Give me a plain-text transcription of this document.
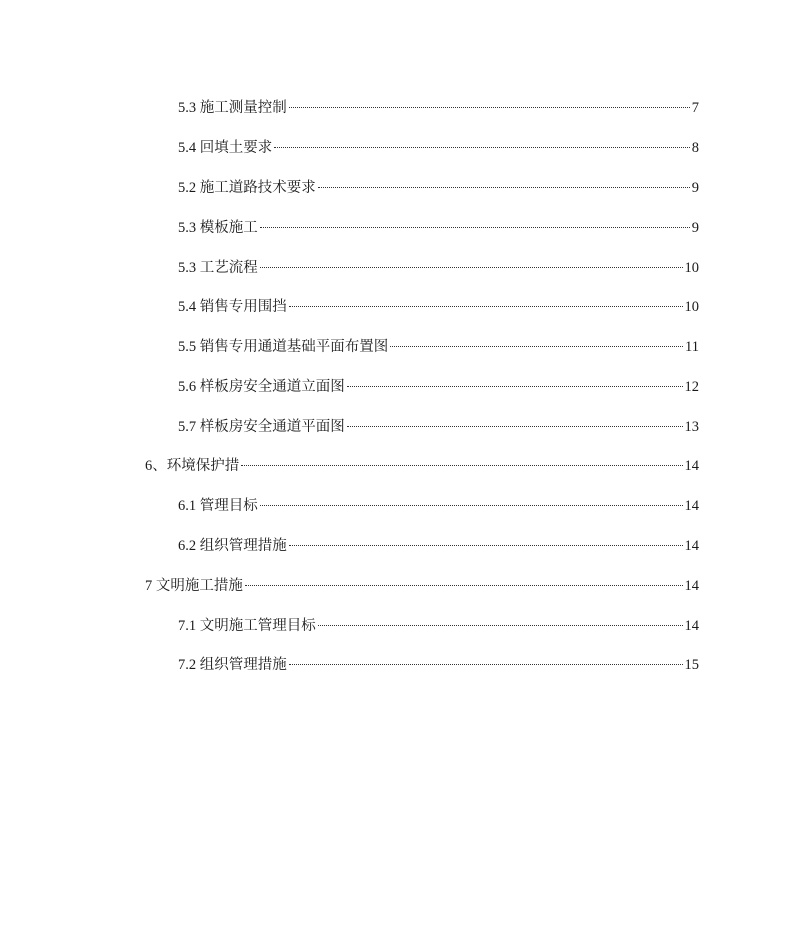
5.3 施工测量控制	7
5.4 回填土要求	8
5.2 施工道路技术要求	9
5.3 模板施工	9
5.3 工艺流程	10
5.4 销售专用围挡	10
5.5 销售专用通道基础平面布置图	11
5.6 样板房安全通道立面图	12
5.7 样板房安全通道平面图	13
6、环境保护措	14
6.1 管理目标	14
6.2 组织管理措施	14
7 文明施工措施	14
7.1 文明施工管理目标	14
7.2 组织管理措施	15
